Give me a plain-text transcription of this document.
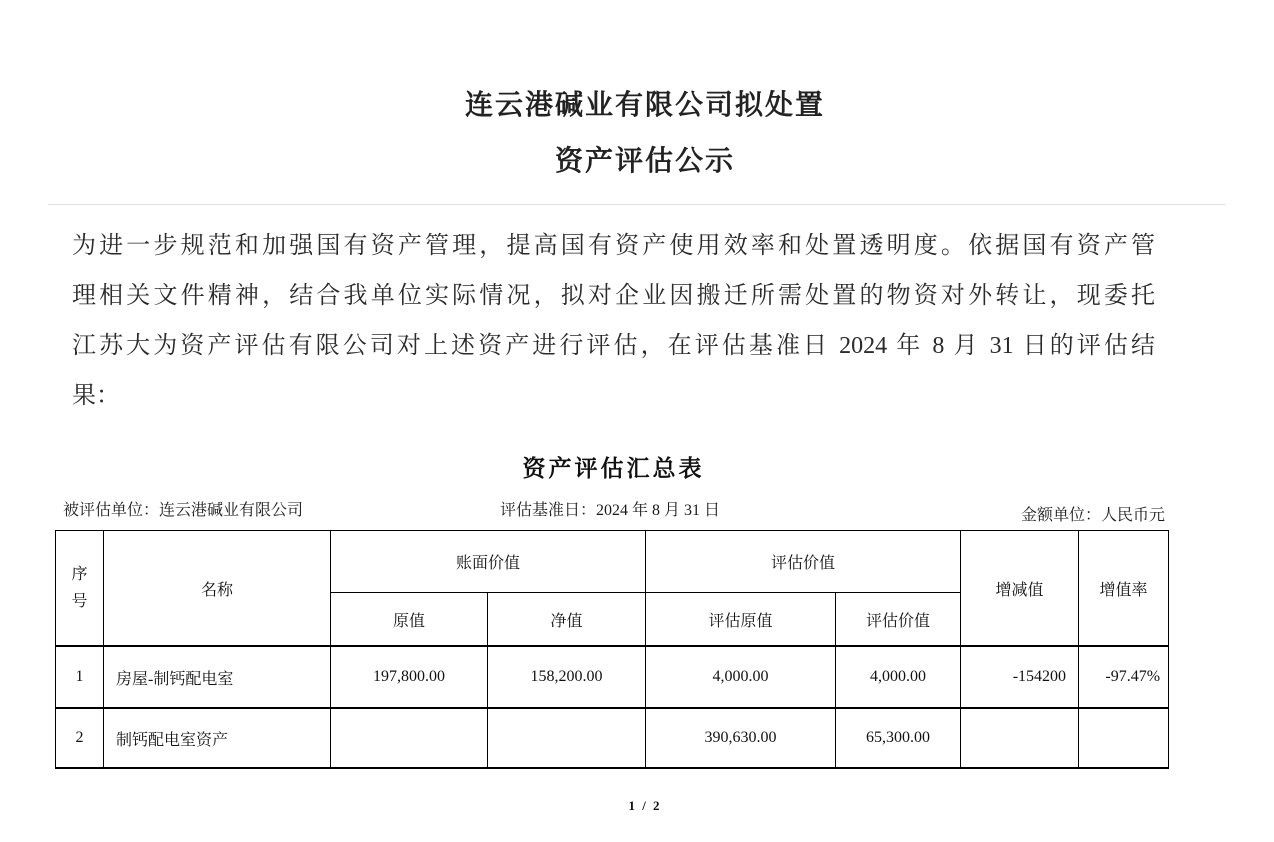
连云港碱业有限公司拟处置
资产评估公示
为进一步规范和加强国有资产管理，提高国有资产使用效率和处置透明度。依据国有资产管
理相关文件精神，结合我单位实际情况，拟对企业因搬迁所需处置的物资对外转让，现委托
江苏大为资产评估有限公司对上述资产进行评估，在评估基准日 2024 年 8 月 31 日的评估结
果：
资产评估汇总表
被评估单位：连云港碱业有限公司	评估基准日：2024 年 8 月 31 日	金额单位：人民币元
序号	名称	账面价值		评估价值		增减值	增值率
		原值	净值	评估原值	评估价值		
1	房屋-制钙配电室	197,800.00	158,200.00	4,000.00	4,000.00	-154200	-97.47%
2	制钙配电室资产			390,630.00	65,300.00		
1 / 2
